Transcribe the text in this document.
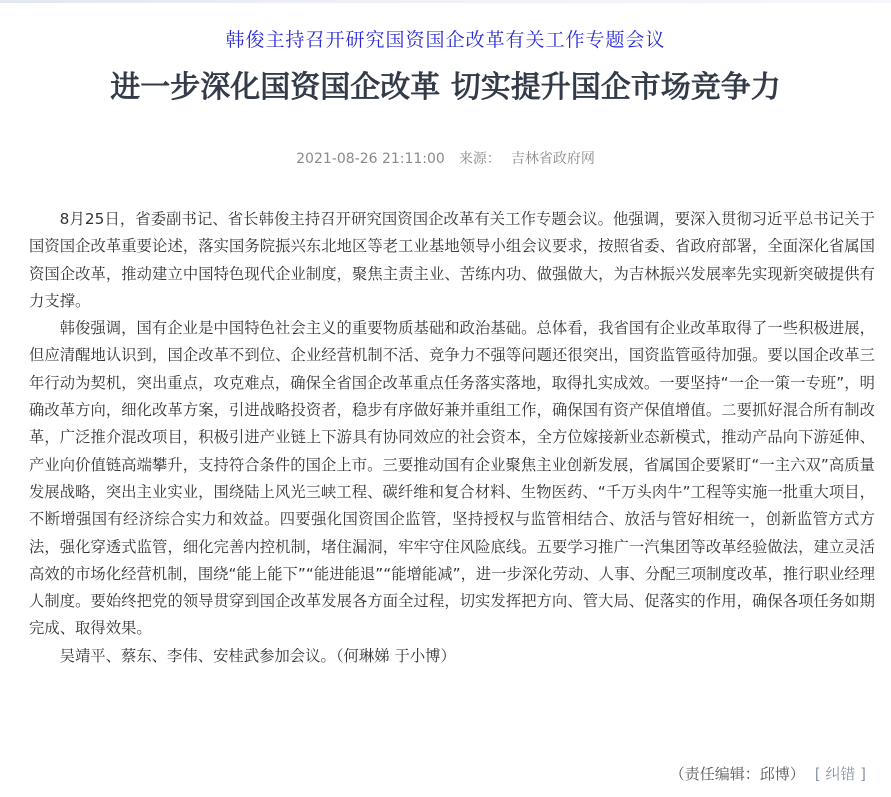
韩俊主持召开研究国资国企改革有关工作专题会议
进一步深化国资国企改革 切实提升国企市场竞争力
2021-08-26 21:11:00 来源： 吉林省政府网

8月25日，省委副书记、省长韩俊主持召开研究国资国企改革有关工作专题会议。他强调，要深入贯彻习近平总书记关于国资国企改革重要论述，落实国务院振兴东北地区等老工业基地领导小组会议要求，按照省委、省政府部署，全面深化省属国资国企改革，推动建立中国特色现代企业制度，聚焦主责主业、苦练内功、做强做大，为吉林振兴发展率先实现新突破提供有力支撑。

韩俊强调，国有企业是中国特色社会主义的重要物质基础和政治基础。总体看，我省国有企业改革取得了一些积极进展，但应清醒地认识到，国企改革不到位、企业经营机制不活、竞争力不强等问题还很突出，国资监管亟待加强。要以国企改革三年行动为契机，突出重点，攻克难点，确保全省国企改革重点任务落实落地，取得扎实成效。一要坚持“一企一策一专班”，明确改革方向，细化改革方案，引进战略投资者，稳步有序做好兼并重组工作，确保国有资产保值增值。二要抓好混合所有制改革，广泛推介混改项目，积极引进产业链上下游具有协同效应的社会资本，全方位嫁接新业态新模式，推动产品向下游延伸、产业向价值链高端攀升，支持符合条件的国企上市。三要推动国有企业聚焦主业创新发展，省属国企要紧盯“一主六双”高质量发展战略，突出主业实业，围绕陆上风光三峡工程、碳纤维和复合材料、生物医药、“千万头肉牛”工程等实施一批重大项目，不断增强国有经济综合实力和效益。四要强化国资国企监管，坚持授权与监管相结合、放活与管好相统一，创新监管方式方法，强化穿透式监管，细化完善内控机制，堵住漏洞，牢牢守住风险底线。五要学习推广一汽集团等改革经验做法，建立灵活高效的市场化经营机制，围绕“能上能下”“能进能退”“能增能减”，进一步深化劳动、人事、分配三项制度改革，推行职业经理人制度。要始终把党的领导贯穿到国企改革发展各方面全过程，切实发挥把方向、管大局、促落实的作用，确保各项任务如期完成、取得效果。

吴靖平、蔡东、李伟、安桂武参加会议。（何琳娣 于小博）

（责任编辑：邱博） [ 纠错 ]
